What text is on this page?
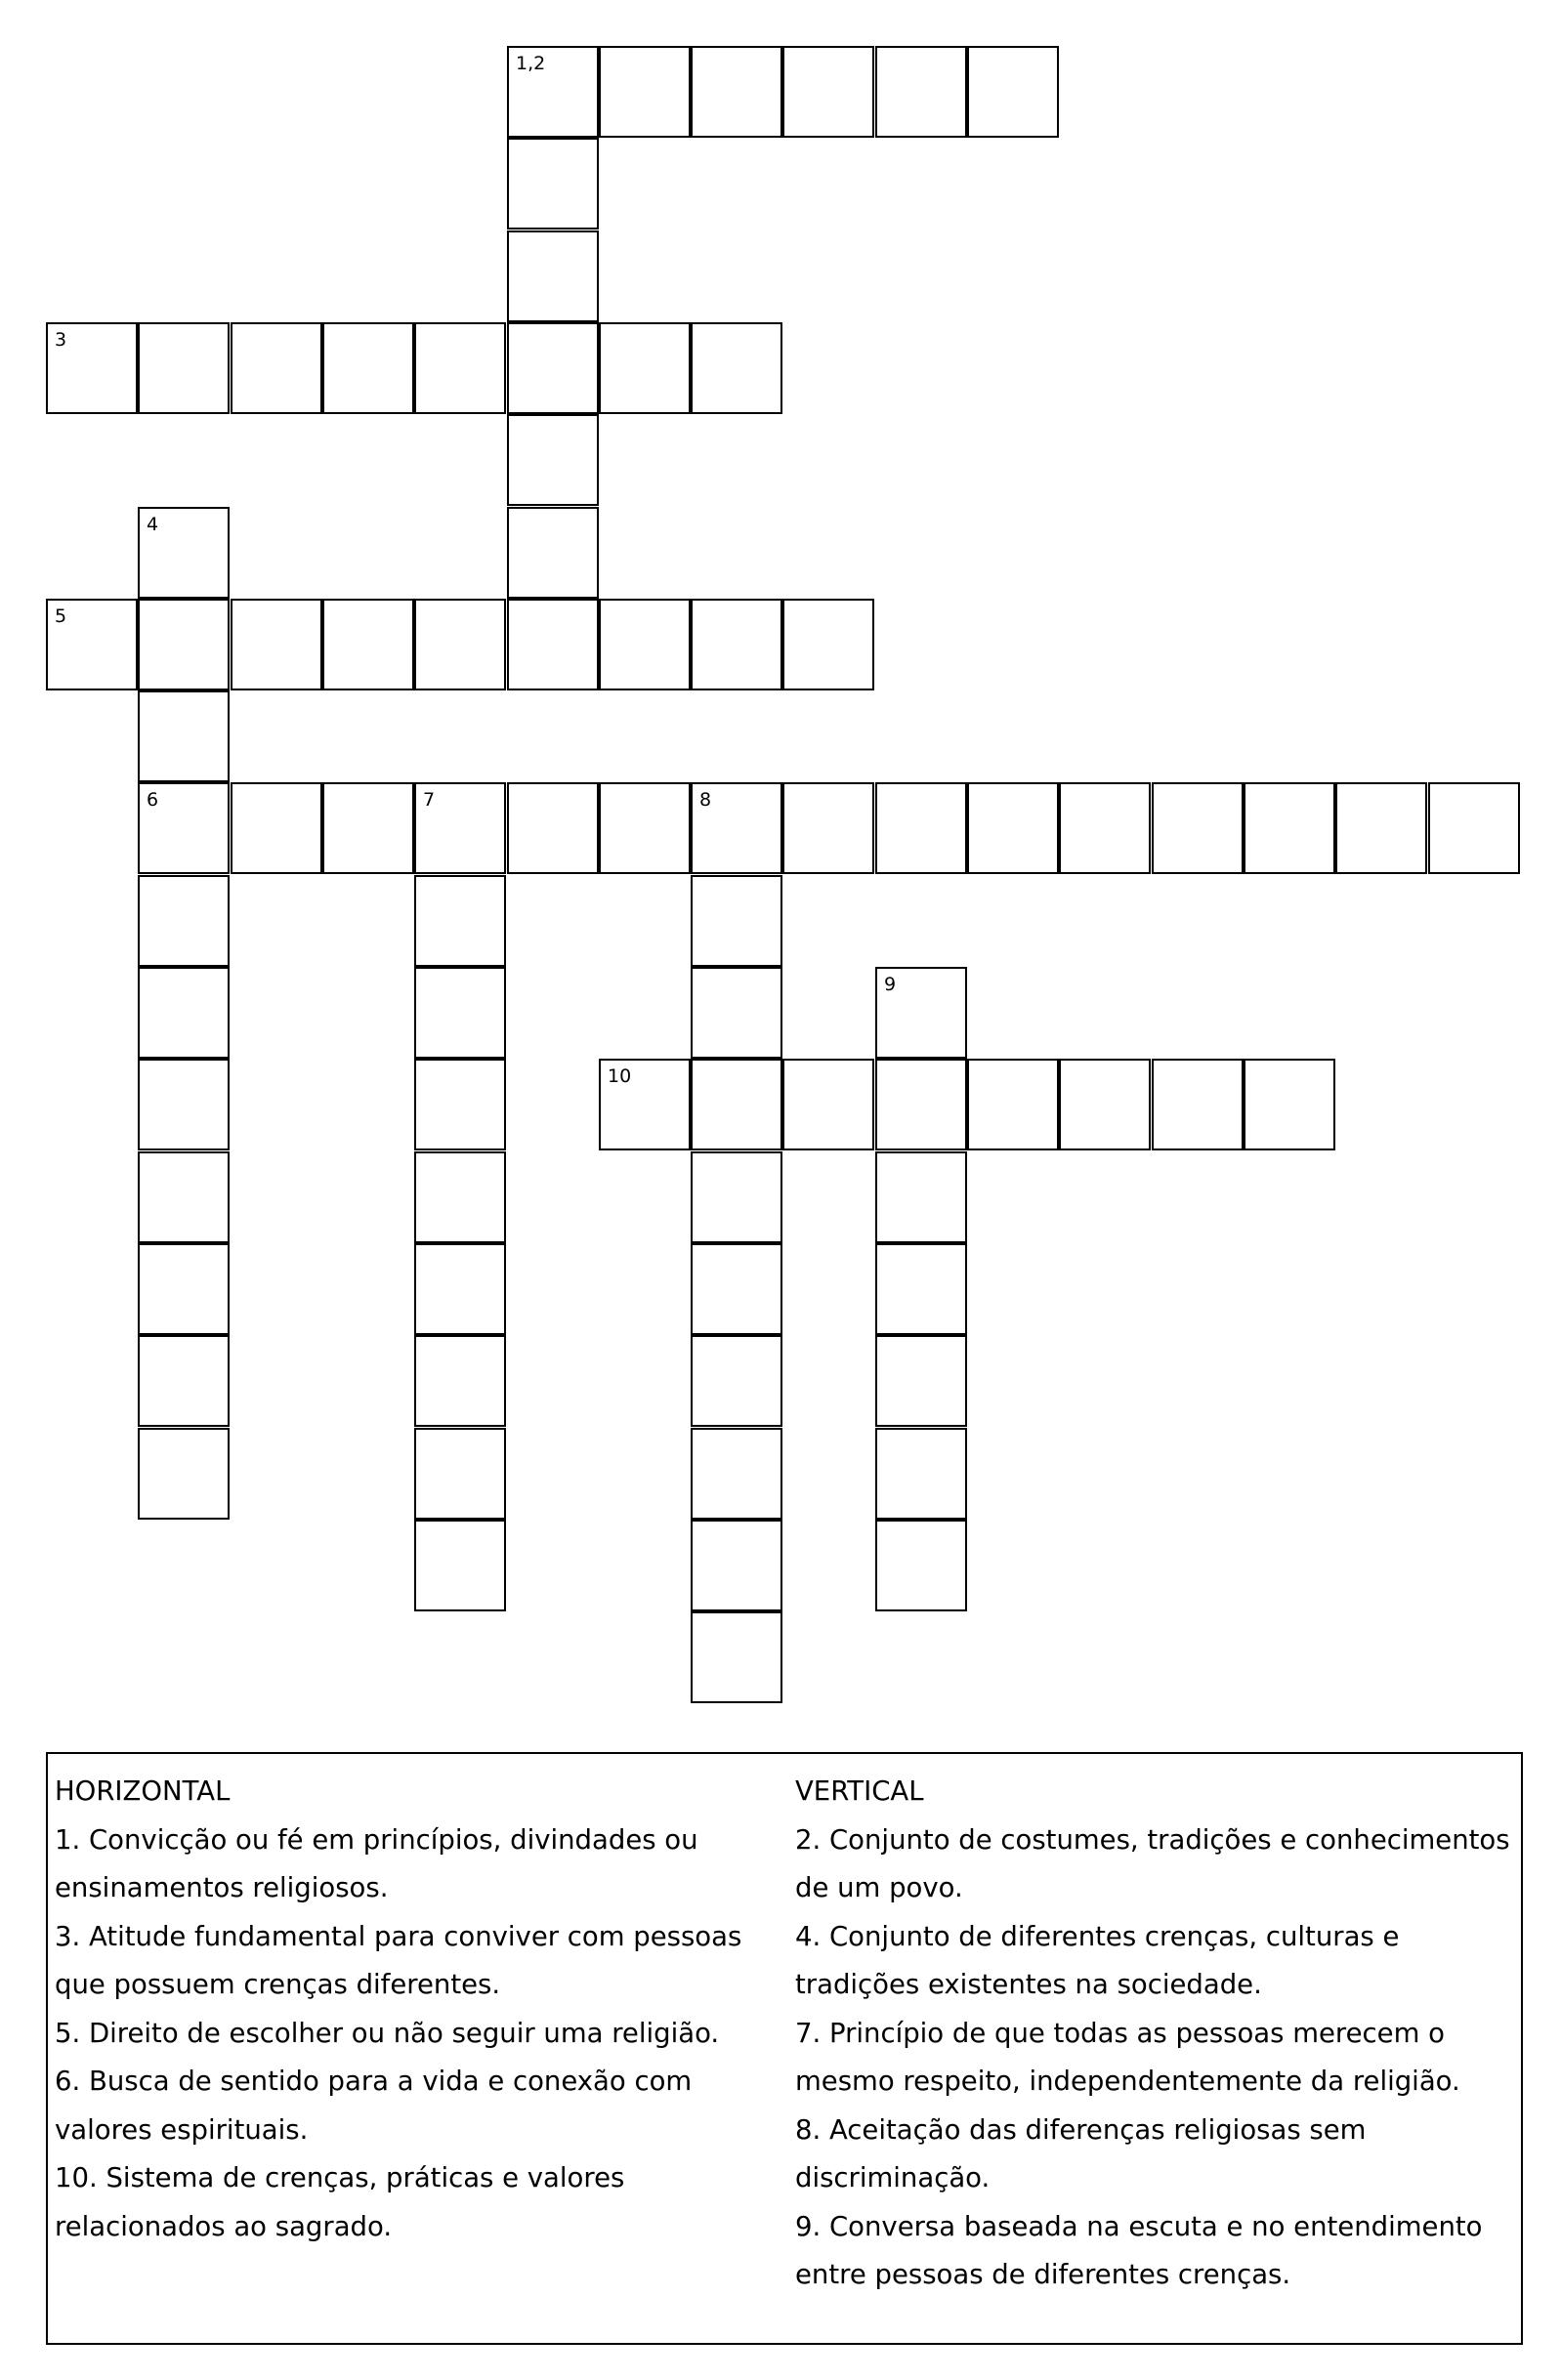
1,2
3
4
5
6	7	8
9
10
HORIZONTAL
1. Convicção ou fé em princípios, divindades ou ensinamentos religiosos.
3. Atitude fundamental para conviver com pessoas que possuem crenças diferentes.
5. Direito de escolher ou não seguir uma religião.
6. Busca de sentido para a vida e conexão com valores espirituais.
10. Sistema de crenças, práticas e valores relacionados ao sagrado.
VERTICAL
2. Conjunto de costumes, tradições e conhecimentos de um povo.
4. Conjunto de diferentes crenças, culturas e tradições existentes na sociedade.
7. Princípio de que todas as pessoas merecem o mesmo respeito, independentemente da religião.
8. Aceitação das diferenças religiosas sem discriminação.
9. Conversa baseada na escuta e no entendimento entre pessoas de diferentes crenças.
